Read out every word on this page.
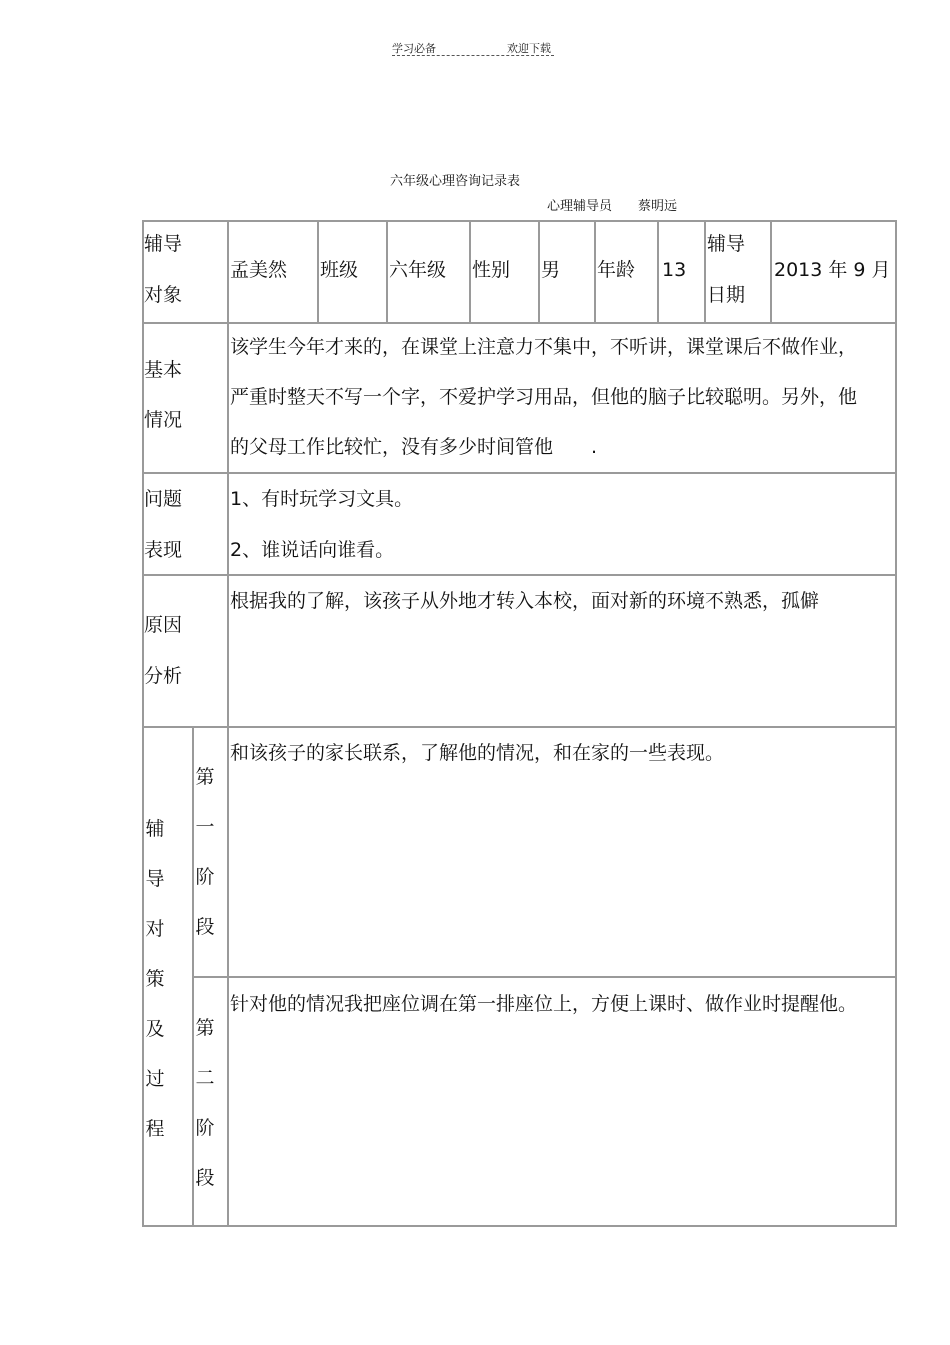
学习必备	欢迎下载
六年级心理咨询记录表
心理辅导员 蔡明远
辅导
对象
孟美然 班级 六年级 性别 男 年龄 13
辅导
日期
2013 年 9 月
基本
情况
该学生今年才来的，在课堂上注意力不集中，不听讲，课堂课后不做作业，严重时整天不写一个字，不爱护学习用品，但他的脑子比较聪明。另外，他的父母工作比较忙，没有多少时间管他　　.
问题
表现
1、有时玩学习文具。
2、谁说话向谁看。
原因
分析
根据我的了解，该孩子从外地才转入本校，面对新的环境不熟悉，孤僻
辅
导
对
策
及
过
程
第
一
阶
段
和该孩子的家长联系，了解他的情况，和在家的一些表现。
第
二
阶
段
针对他的情况我把座位调在第一排座位上，方便上课时、做作业时提醒他。
